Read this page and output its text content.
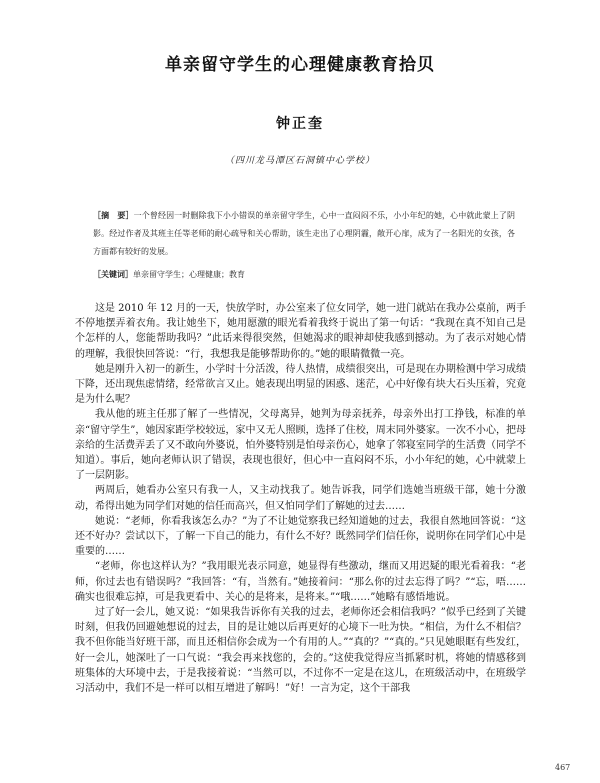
单亲留守学生的心理健康教育拾贝
钟正奎
（四川龙马潭区石洞镇中心学校）
［摘　要］一个曾经因一时删除我下小小错误的单亲留守学生，心中一直闷闷不乐，小小年纪的她，心中就此蒙上了阴影。经过作者及其班主任等老师的耐心疏导和关心帮助，该生走出了心理阴霾，敞开心扉，成为了一名阳光的女孩，各方面都有较好的发展。
［关键词］单亲留守学生；心理健康；教育

这是 2010 年 12 月的一天，快放学时，办公室来了位女同学，她一进门就站在我办公桌前，两手不停地摆弄着衣角。我让她坐下，她用愿激的眼光看着我终于说出了第一句话：“我现在真不知自己是个怎样的人，您能帮助我吗？”此话来得很突然，但她渴求的眼神却使我感到撼动。为了表示对她心情的理解，我很快回答说：“行，我想我是能够帮助你的。”她的眼睛微微一亮。

她是刚升入初一的新生，小学时十分活泼，待人热情，成绩很突出，可是现在办期检测中学习成绩下降，还出现焦虑情绪，经常欲言又止。她表现出明显的困惑、迷茫，心中好像有块大石头压着，究竟是为什么呢？

我从他的班主任那了解了一些情况，父母离异，她判为母亲抚养，母亲外出打工挣钱，标准的单亲“留守学生”，她因家距学校较远，家中又无人照顾，选择了住校，周末同外婆家。一次不小心，把母亲给的生活费弄丢了又不敢向外婆说，怕外婆特别是怕母亲伤心，她拿了邻寝室同学的生活费（同学不知道）。事后，她向老师认识了错误，表现也很好，但心中一直闷闷不乐，小小年纪的她，心中就蒙上了一层阴影。

两周后，她看办公室只有我一人，又主动找我了。她告诉我，同学们选她当班级干部，她十分激动，希得出她为同学们对她的信任而高兴，但又怕同学们了解她的过去……

她说：“老师，你看我该怎么办？”为了不让她觉察我已经知道她的过去，我很自然地回答说：“这还不好办？尝试以下，了解一下自己的能力，有什么不好？既然同学们信任你，说明你在同学们心中是重要的……

“老师，你也这样认为？”我用眼光表示同意，她显得有些激动，继而又用迟疑的眼光看着我：“老师，你过去也有错误吗？”我回答：“有，当然有。”她接着问：“那么你的过去忘得了吗？”“忘，唔……确实也很难忘掉，可是我更看中、关心的是将来，是将来。”“哦……”她略有感悟地说。

过了好一会儿，她又说：“如果我告诉你有关我的过去，老师你还会相信我吗？”似乎已经到了关键时刻，但我仍回避她想说的过去，目的是让她以后再更好的心境下一吐为快。“相信，为什么不相信？我不但你能当好班干部，而且还相信你会成为一个有用的人。”“真的？”“真的。”只见她眼眶有些发红，好一会儿，她深吐了一口气说：“我会再来找您的，会的。”这使我觉得应当抓紧时机，将她的情感移到班集体的大环境中去，于是我接着说：“当然可以，不过你不一定是在这儿，在班级活动中，在班级学习活动中，我们不是一样可以相互增进了解吗！”好！一言为定，这个干部我

467
